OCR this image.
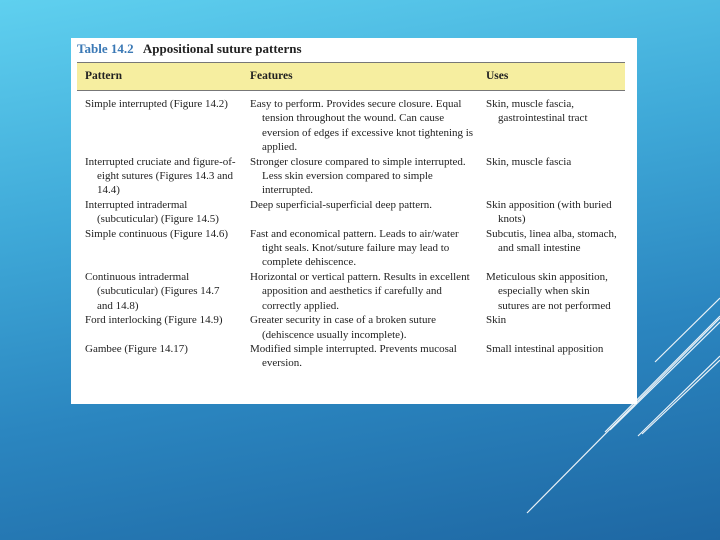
Table 14.2 Appositional suture patterns
Pattern	Features	Uses

Simple interrupted (Figure 14.2)	Easy to perform. Provides secure closure. Equal tension throughout the wound. Can cause eversion of edges if excessive knot tightening is applied.	Skin, muscle fascia, gastrointestinal tract

Interrupted cruciate and figure-of-eight sutures (Figures 14.3 and 14.4)	Stronger closure compared to simple interrupted. Less skin eversion compared to simple interrupted.	Skin, muscle fascia

Interrupted intradermal (subcuticular) (Figure 14.5)	Deep superficial-superficial deep pattern.	Skin apposition (with buried knots)

Simple continuous (Figure 14.6)	Fast and economical pattern. Leads to air/water tight seals. Knot/suture failure may lead to complete dehiscence.	Subcutis, linea alba, stomach, and small intestine

Continuous intradermal (subcuticular) (Figures 14.7 and 14.8)	Horizontal or vertical pattern. Results in excellent apposition and aesthetics if carefully and correctly applied.	Meticulous skin apposition, especially when skin sutures are not performed

Ford interlocking (Figure 14.9)	Greater security in case of a broken suture (dehiscence usually incomplete).	Skin

Gambee (Figure 14.17)	Modified simple interrupted. Prevents mucosal eversion.	Small intestinal apposition
